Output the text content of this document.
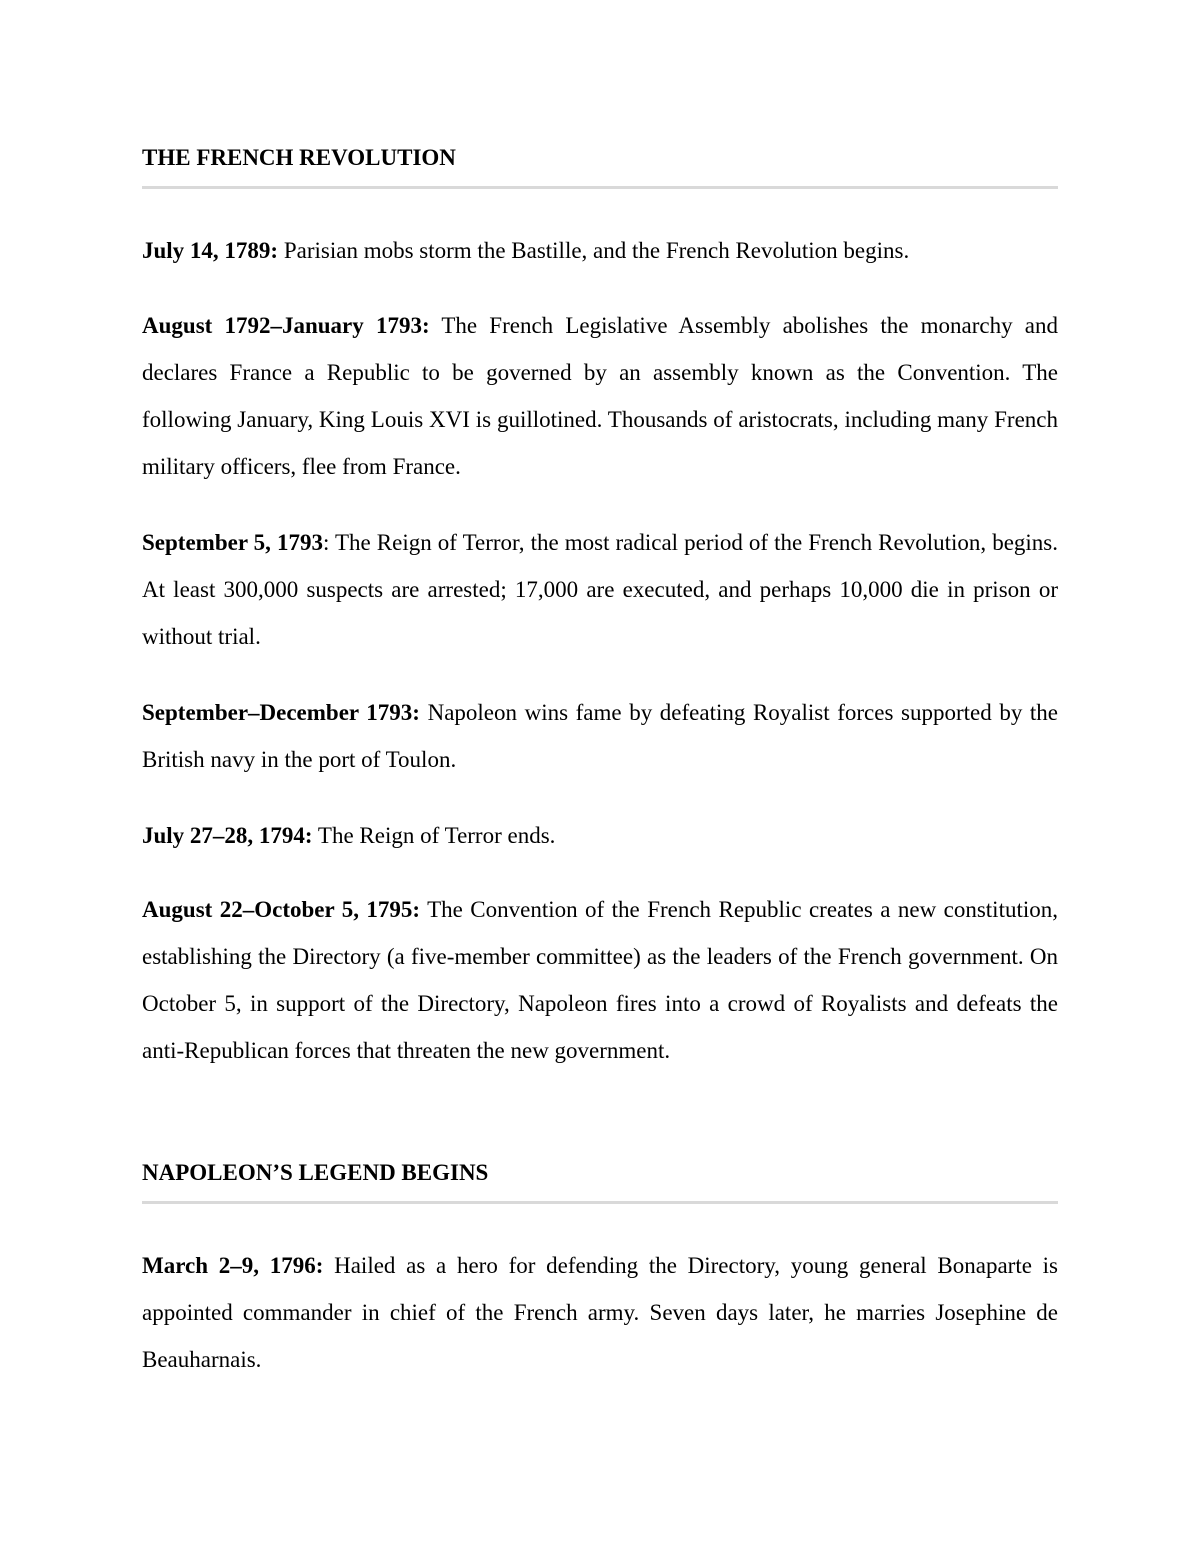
THE FRENCH REVOLUTION

July 14, 1789: Parisian mobs storm the Bastille, and the French Revolution begins.

August 1792–January 1793: The French Legislative Assembly abolishes the monarchy and declares France a Republic to be governed by an assembly known as the Convention. The following January, King Louis XVI is guillotined. Thousands of aristocrats, including many French military officers, flee from France.

September 5, 1793: The Reign of Terror, the most radical period of the French Revolution, begins. At least 300,000 suspects are arrested; 17,000 are executed, and perhaps 10,000 die in prison or without trial.

September–December 1793: Napoleon wins fame by defeating Royalist forces supported by the British navy in the port of Toulon.

July 27–28, 1794: The Reign of Terror ends.

August 22–October 5, 1795: The Convention of the French Republic creates a new constitution, establishing the Directory (a five-member committee) as the leaders of the French government. On October 5, in support of the Directory, Napoleon fires into a crowd of Royalists and defeats the anti-Republican forces that threaten the new government.

NAPOLEON’S LEGEND BEGINS

March 2–9, 1796: Hailed as a hero for defending the Directory, young general Bonaparte is appointed commander in chief of the French army. Seven days later, he marries Josephine de Beauharnais.
